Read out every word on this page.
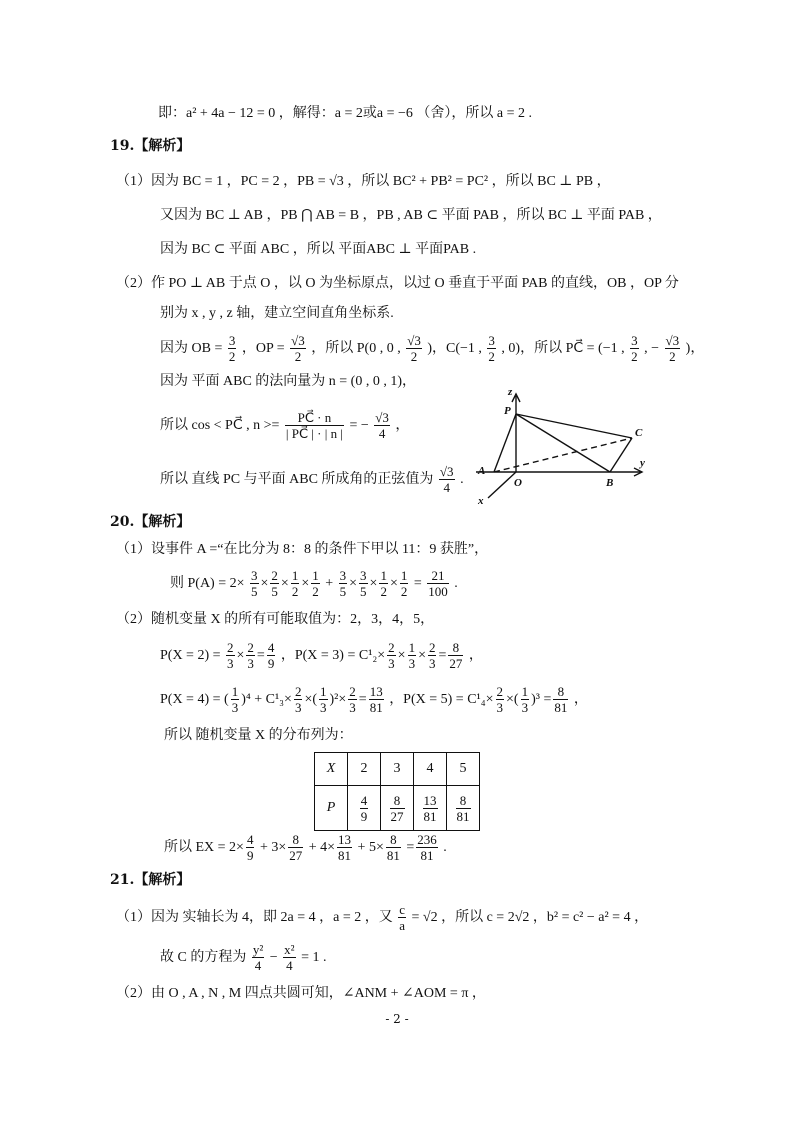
即：a² + 4a − 12 = 0 ，解得：a = 2或a = −6 （舍），所以 a = 2 .
19.【解析】
（1）因为 BC = 1 ，PC = 2 ，PB = √3 ，所以 BC² + PB² = PC² ，所以 BC ⊥ PB ，
又因为 BC ⊥ AB ，PB ⋂ AB = B ，PB , AB ⊂ 平面 PAB ，所以 BC ⊥ 平面 PAB ，
因为 BC ⊂ 平面 ABC ，所以 平面ABC ⊥ 平面PAB .
（2）作 PO ⊥ AB 于点 O ，以 O 为坐标原点，以过 O 垂直于平面 PAB 的直线，OB ，OP 分
别为 x , y , z 轴，建立空间直角坐标系.
因为 OB = $\frac{3}{2}$ ，OP = $\frac{√3}{2}$ ，所以 P(0 , 0 , $\frac{√3}{2}$ )，C(−1 , $\frac{3}{2}$ , 0)，所以 PC⃗ = (−1 , $\frac{3}{2}$ , − $\frac{√3}{2}$ )，
因为 平面 ABC 的法向量为 n = (0 , 0 , 1)，
所以 cos < PC⃗ , $n >= \frac{PC⃗ \cdot n}{| PC⃗ | \cdot | n |}$ = − $\frac{√3}{4}$ ，
所以 直线 PC 与平面 ABC 所成角的正弦值为 $\frac{√3}{4}$ .
z
P
C
A
O	B
y
x
20.【解析】
（1）设事件 A =“在比分为 8：8 的条件下甲以 11：9 获胜”，
则 $P(A) = 2\times \frac{3}{5} \times \frac{2}{5} \times \frac{1}{2} \times \frac{1}{2} + \frac{3}{5} \times \frac{3}{5} \times \frac{1}{2} \times \frac{1}{2} = \frac{21}{100}$ .
（2）随机变量 X 的所有可能取值为：2，3，4，5，
$P(X = 2) = \frac{2}{3} \times \frac{2}{3} = \frac{4}{9}$ ，$P(X = 3) = C^1_2\times \frac{2}{3} \times \frac{1}{3} \times \frac{2}{3} = \frac{8}{27}$ ，
P(X = 4) = ( $\frac{1}{3} )^4 + C^1_3\times \frac{2}{3}$ ×( $\frac{1}{3} )^2\times \frac{2}{3} = \frac{13}{81}$ ，$P(X = 5) = C^1_4\times \frac{2}{3}$ ×( $\frac{1}{3} )^3 = \frac{8}{81}$ ，
所以 随机变量 X 的分布列为：
X	2	3	4	5
P	$\frac{4}{9}$	$\frac{8}{27}$	$\frac{13}{81}$	$\frac{8}{81}$
所以 EX = $2\times \frac{4}{9} + 3\times \frac{8}{27} + 4\times \frac{13}{81} + 5\times \frac{8}{81} = \frac{236}{81}$ .
21.【解析】
（1）因为 实轴长为 4，即 2a = 4 ，a = 2 ，又 $\frac{c}{a} = √2$ ，所以 c = 2√2 ，b² = c² − a² = 4 ，
故 C 的方程为 $\frac{\text{y²}}{4} - \frac{\text{x²}}{4} = 1$ .
（2）由 O , A , N , M 四点共圆可知，∠ANM + ∠AOM = π ，
- 2 -
